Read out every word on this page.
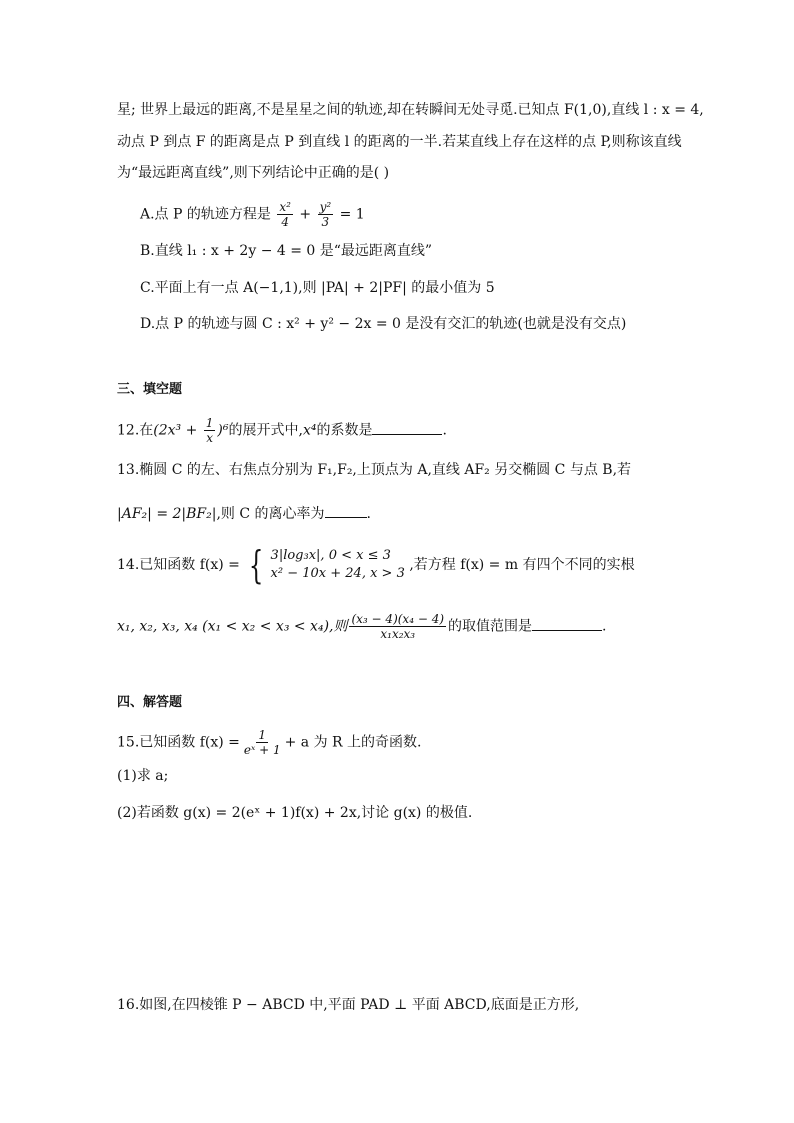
星; 世界上最远的距离,不是星星之间的轨迹,却在转瞬间无处寻觅.已知点 F(1,0),直线 l : x = 4,
动点 P 到点 F 的距离是点 P 到直线 l 的距离的一半.若某直线上存在这样的点 P,则称该直线
为“最远距离直线”,则下列结论中正确的是( )
A.点 P 的轨迹方程是 $\frac{\text{x²}}{4} + \frac{\text{y²}}{3} = 1$
B.直线 l₁ : x + 2y − 4 = 0 是“最远距离直线”
C.平面上有一点 A(−1,1),则 |PA| + 2|PF| 的最小值为 5
D.点 P 的轨迹与圆 C : x² + y² − 2x = 0 是没有交汇的轨迹(也就是没有交点)
三、填空题
12.在$(2x^3 + \frac{1}{x} )^6$的展开式中,x⁴的系数是	.
13.椭圆 C 的左、右焦点分别为 F₁,F₂,上顶点为 A,直线 AF₂ 另交椭圆 C 与点 B,若
|AF₂| = 2|BF₂|,则 C 的离心率为	.
14.已知函数 f(x) = { 3|log₃x|, 0 < x ≤ 3
x² − 10x + 24, x > 3
,若方程 f(x) = m 有四个不同的实根
x₁, x₂, x₃, x₄ (x₁ < x₂ < x₃ < x₄),则 $\frac{\text{(x₃ − 4)(x₄ − 4)}}{\text{x₁x₂x₃}}$ 的取值范围是	.
四、解答题
15.已知函数 $f(x) = \frac{1}{\text{eˣ + 1}} + a$ 为 R 上的奇函数.
(1)求 a;
(2)若函数 g(x) = 2(eˣ + 1)f(x) + 2x,讨论 g(x) 的极值.
16.如图,在四棱锥 P − ABCD 中,平面 PAD ⊥ 平面 ABCD,底面是正方形,
